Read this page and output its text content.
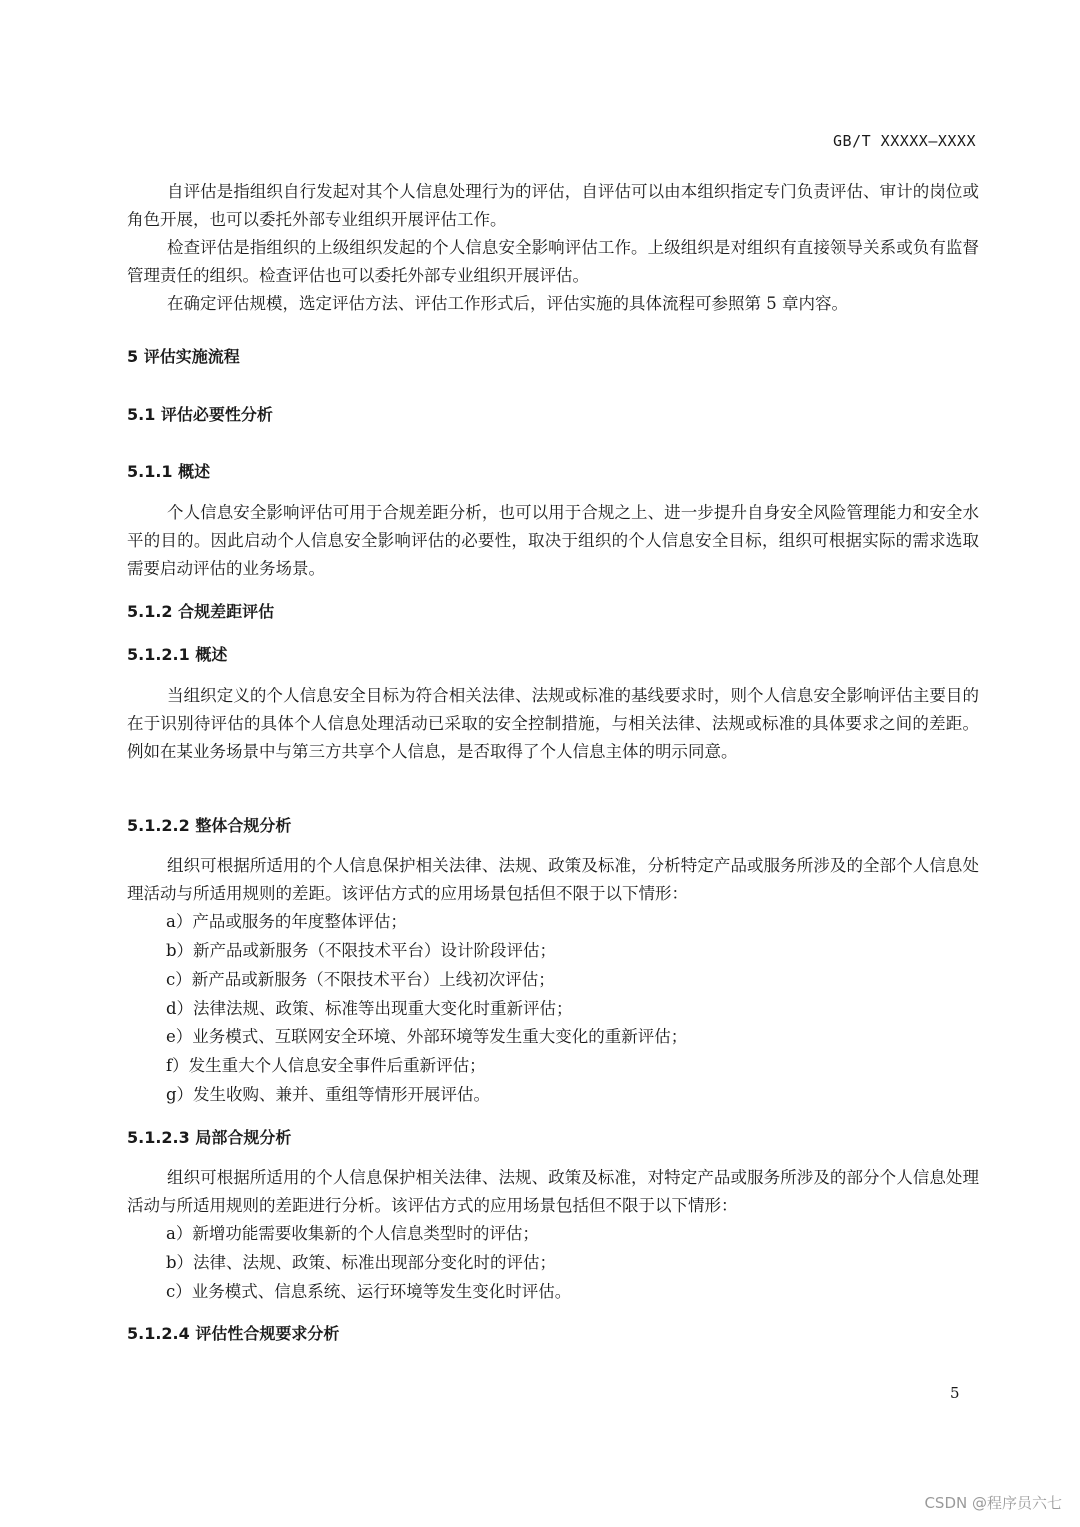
GB/T XXXXX—XXXX

自评估是指组织自行发起对其个人信息处理行为的评估，自评估可以由本组织指定专门负责评估、审计的岗位或角色开展，也可以委托外部专业组织开展评估工作。

检查评估是指组织的上级组织发起的个人信息安全影响评估工作。上级组织是对组织有直接领导关系或负有监督管理责任的组织。检查评估也可以委托外部专业组织开展评估。

在确定评估规模，选定评估方法、评估工作形式后，评估实施的具体流程可参照第 5 章内容。

5 评估实施流程
5.1 评估必要性分析
5.1.1 概述

个人信息安全影响评估可用于合规差距分析，也可以用于合规之上、进一步提升自身安全风险管理能力和安全水平的目的。因此启动个人信息安全影响评估的必要性，取决于组织的个人信息安全目标，组织可根据实际的需求选取需要启动评估的业务场景。

5.1.2 合规差距评估
5.1.2.1 概述

当组织定义的个人信息安全目标为符合相关法律、法规或标准的基线要求时，则个人信息安全影响评估主要目的在于识别待评估的具体个人信息处理活动已采取的安全控制措施，与相关法律、法规或标准的具体要求之间的差距。例如在某业务场景中与第三方共享个人信息，是否取得了个人信息主体的明示同意。

5.1.2.2 整体合规分析

组织可根据所适用的个人信息保护相关法律、法规、政策及标准，分析特定产品或服务所涉及的全部个人信息处理活动与所适用规则的差距。该评估方式的应用场景包括但不限于以下情形：

a）产品或服务的年度整体评估；
b）新产品或新服务（不限技术平台）设计阶段评估；
c）新产品或新服务（不限技术平台）上线初次评估；
d）法律法规、政策、标准等出现重大变化时重新评估；
e）业务模式、互联网安全环境、外部环境等发生重大变化的重新评估；
f）发生重大个人信息安全事件后重新评估；
g）发生收购、兼并、重组等情形开展评估。
5.1.2.3 局部合规分析

组织可根据所适用的个人信息保护相关法律、法规、政策及标准，对特定产品或服务所涉及的部分个人信息处理活动与所适用规则的差距进行分析。该评估方式的应用场景包括但不限于以下情形：

a）新增功能需要收集新的个人信息类型时的评估；
b）法律、法规、政策、标准出现部分变化时的评估；
c）业务模式、信息系统、运行环境等发生变化时评估。
5.1.2.4 评估性合规要求分析
5
CSDN @程序员六七
